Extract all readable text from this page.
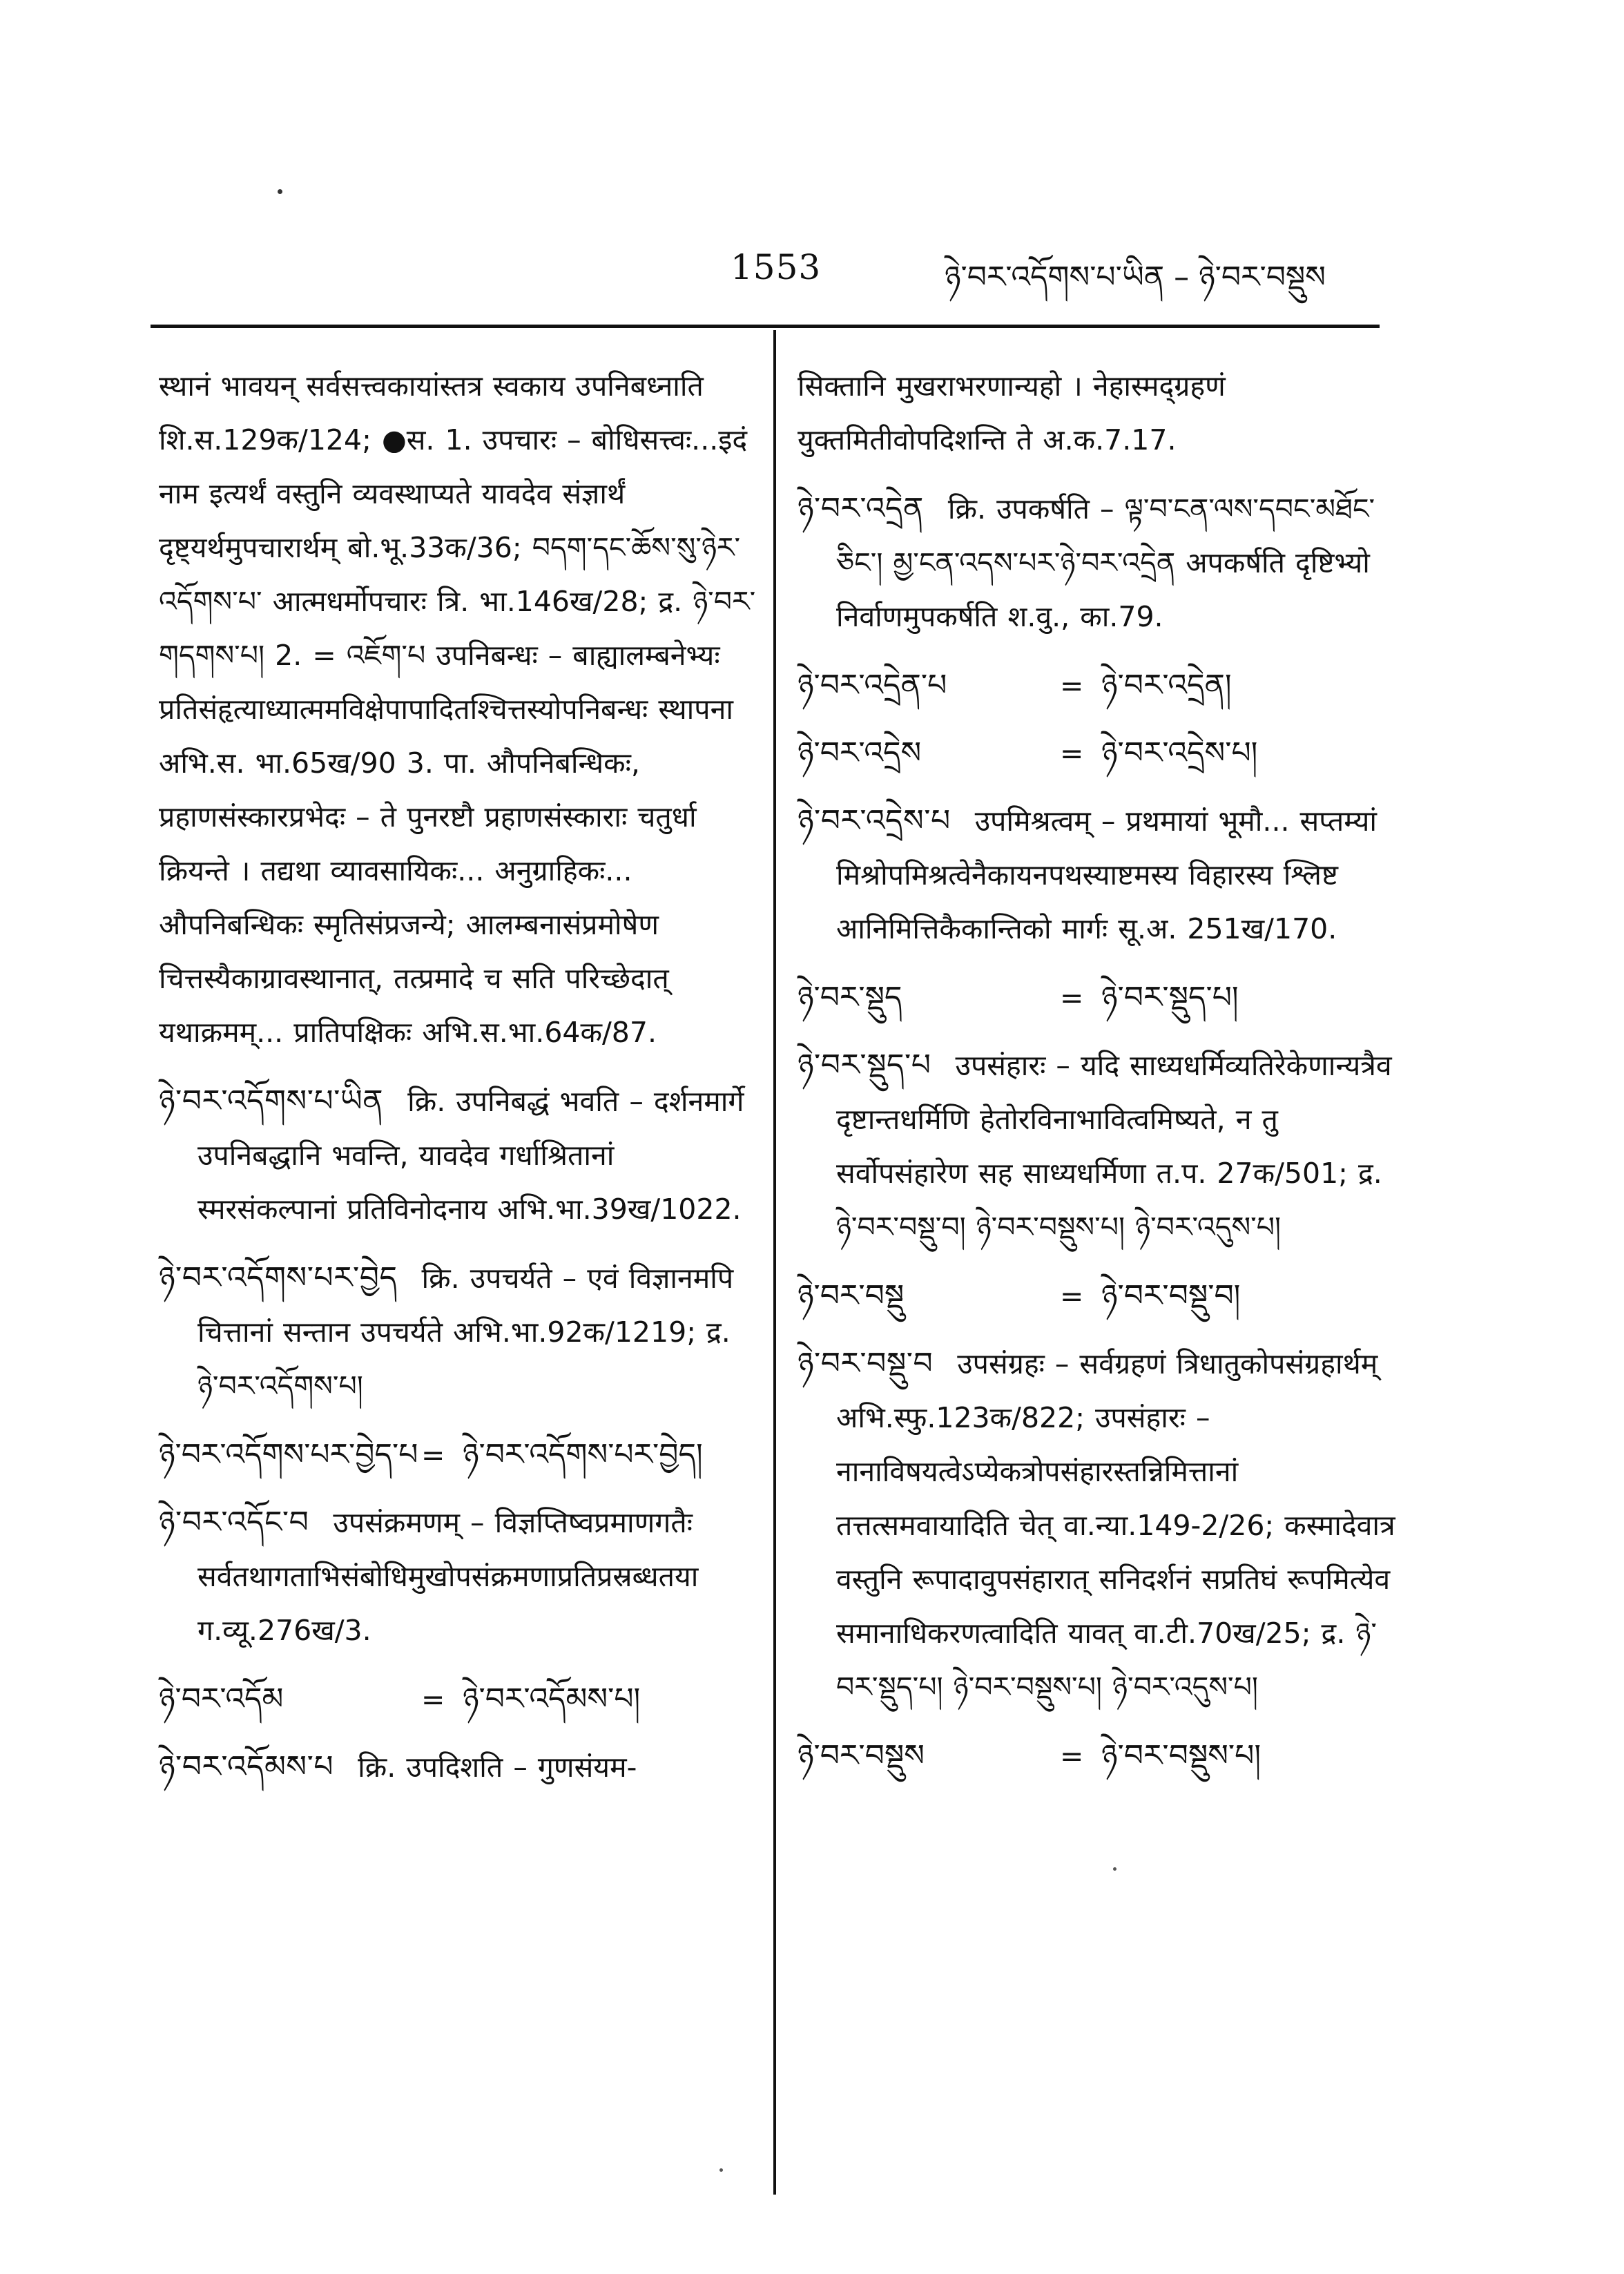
1553	ཉེ་བར་འདོགས་པ་ཡིན – ཉེ་བར་བསྡུས
स्थानं भावयन् सर्वसत्त्वकायांस्तत्र स्वकाय उपनिबध्नाति शि.स.129क/124; ●स. 1. उपचारः – बोधिसत्त्वः...इदं नाम इत्यर्थं वस्तुनि व्यवस्थाप्यते यावदेव संज्ञार्थं दृष्ट्यर्थमुपचारार्थम् बो.भू.33क/36; བདག་དང་ཆོས་སུ་ཉེར་འདོགས་པ་ आत्मधर्मोपचारः त्रि. भा.146ख/28; द्र. ཉེ་བར་གདགས་པ། 2. = འཇོག་པ उपनिबन्धः – बाह्यालम्बनेभ्यः प्रतिसंहृत्याध्यात्ममविक्षेपापादितश्चित्तस्योपनिबन्धः स्थापना अभि.स. भा.65ख/90 3. पा. औपनिबन्धिकः, प्रहाणसंस्कारप्रभेदः – ते पुनरष्टौ प्रहाणसंस्काराः चतुर्धा क्रियन्ते । तद्यथा व्यावसायिकः... अनुग्राहिकः... औपनिबन्धिकः स्मृतिसंप्रजन्ये; आलम्बनासंप्रमोषेण चित्तस्यैकाग्रावस्थानात्, तत्प्रमादे च सति परिच्छेदात् यथाक्रमम्... प्रातिपक्षिकः अभि.स.भा.64क/87.
ཉེ་བར་འདོགས་པ་ཡིན क्रि. उपनिबद्धं भवति – दर्शनमार्गे उपनिबद्धानि भवन्ति, यावदेव गर्धाश्रितानां स्मरसंकल्पानां प्रतिविनोदनाय अभि.भा.39ख/1022.
ཉེ་བར་འདོགས་པར་བྱེད क्रि. उपचर्यते – एवं विज्ञानमपि चित्तानां सन्तान उपचर्यते अभि.भा.92क/1219; द्र. ཉེ་བར་འདོགས་པ།
ཉེ་བར་འདོགས་པར་བྱེད་པ = ཉེ་བར་འདོགས་པར་བྱེད།
ཉེ་བར་འདོང་བ उपसंक्रमणम् – विज्ञप्तिष्वप्रमाणगतैः सर्वतथागताभिसंबोधिमुखोपसंक्रमणाप्रतिप्रस्रब्धतया ग.व्यू.276ख/3.
ཉེ་བར་འདོམ	= ཉེ་བར་འདོམས་པ།
ཉེ་བར་འདོམས་པ क्रि. उपदिशति – गुणसंयम-
सिक्तानि मुखराभरणान्यहो । नेहास्मद्ग्रहणं युक्तमितीवोपदिशन्ति ते अ.क.7.17.
ཉེ་བར་འདྲེན क्रि. उपकर्षति – ལྟ་བ་ངན་ལས་དབང་མཐོང་ཅིང་། མྱ་ངན་འདས་པར་ཉེ་བར་འདྲེན अपकर्षति दृष्टिभ्यो निर्वाणमुपकर्षति श.वु., का.79.
ཉེ་བར་འདྲེན་པ	= ཉེ་བར་འདྲེན།
ཉེ་བར་འདྲེས	= ཉེ་བར་འདྲེས་པ།
ཉེ་བར་འདྲེས་པ उपमिश्रत्वम् – प्रथमायां भूमौ... सप्तम्यां मिश्रोपमिश्रत्वेनैकायनपथस्याष्टमस्य विहारस्य श्लिष्ट आनिमित्तिकैकान्तिको मार्गः सू.अ. 251ख/170.
ཉེ་བར་སྡུད	= ཉེ་བར་སྡུད་པ།
ཉེ་བར་སྡུད་པ उपसंहारः – यदि साध्यधर्मिव्यतिरेकेणान्यत्रैव दृष्टान्तधर्मिणि हेतोरविनाभावित्वमिष्यते, न तु सर्वोपसंहारेण सह साध्यधर्मिणा त.प. 27क/501; द्र. ཉེ་བར་བསྡུ་བ། ཉེ་བར་བསྡུས་པ། ཉེ་བར་འདུས་པ།
ཉེ་བར་བསྡུ	= ཉེ་བར་བསྡུ་བ།
ཉེ་བར་བསྡུ་བ उपसंग्रहः – सर्वग्रहणं त्रिधातुकोपसंग्रहार्थम् अभि.स्फु.123क/822; उपसंहारः – नानाविषयत्वेऽप्येकत्रोपसंहारस्तन्निमित्तानां तत्तत्समवायादिति चेत् वा.न्या.149-2/26; कस्मादेवात्र वस्तुनि रूपादावुपसंहारात् सनिदर्शनं सप्रतिघं रूपमित्येव समानाधिकरणत्वादिति यावत् वा.टी.70ख/25; द्र. ཉེ་བར་སྡུད་པ། ཉེ་བར་བསྡུས་པ། ཉེ་བར་འདུས་པ།
ཉེ་བར་བསྡུས	= ཉེ་བར་བསྡུས་པ།
